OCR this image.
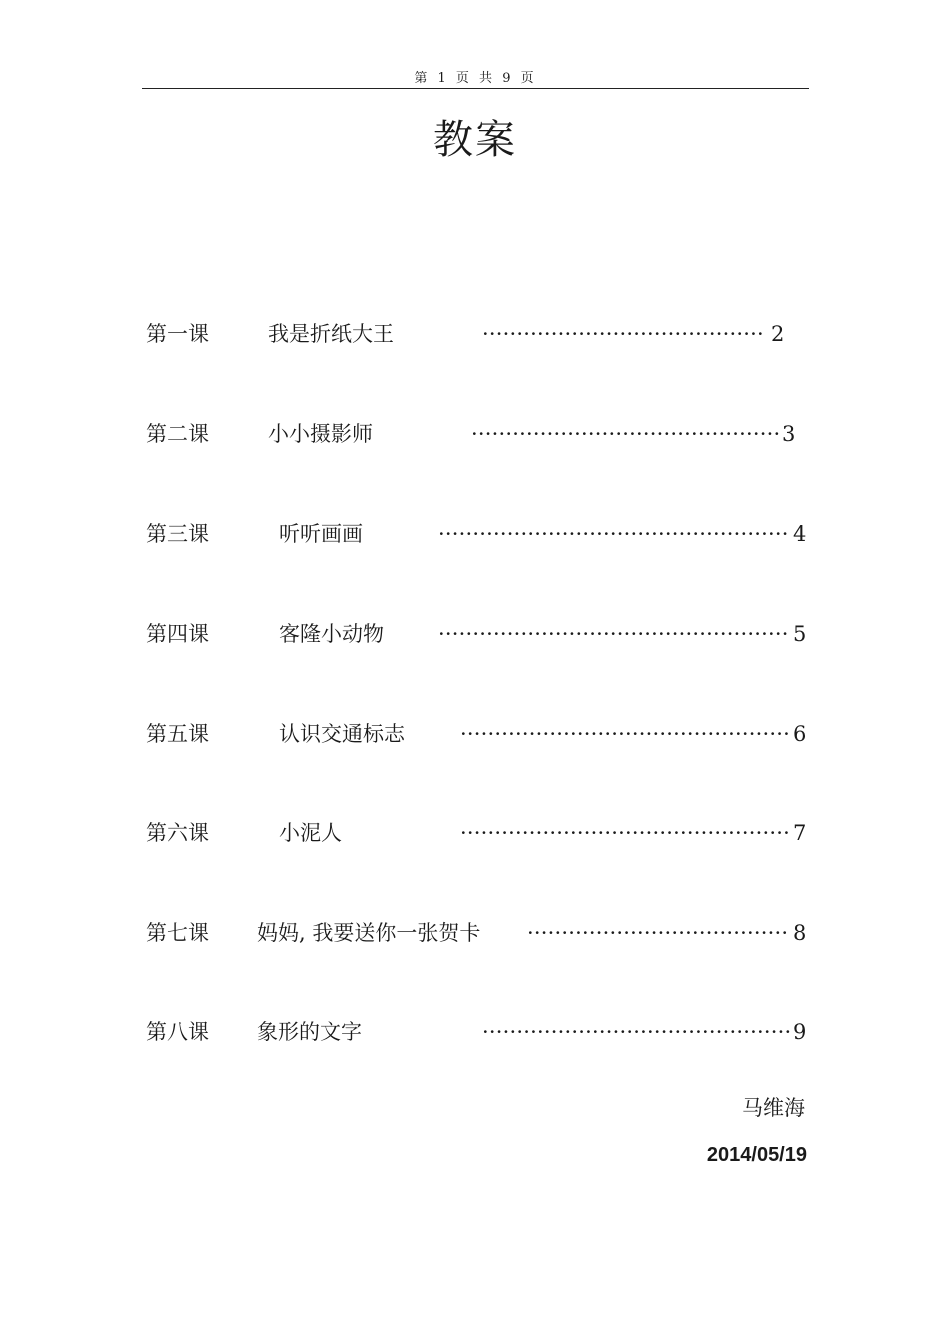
第 1 页 共 9 页
教案
第一课	我是折纸大王	········································· 2
第二课	小小摄影师	············································· 3
第三课	听听画画	··················································· 4
第四课	客隆小动物	··················································· 5
第五课	认识交通标志	················································ 6
第六课	小泥人	················································ 7
第七课 妈妈, 我要送你一张贺卡 ······································ 8
第八课 象形的文字	············································· 9
马维海
2014/05/19
